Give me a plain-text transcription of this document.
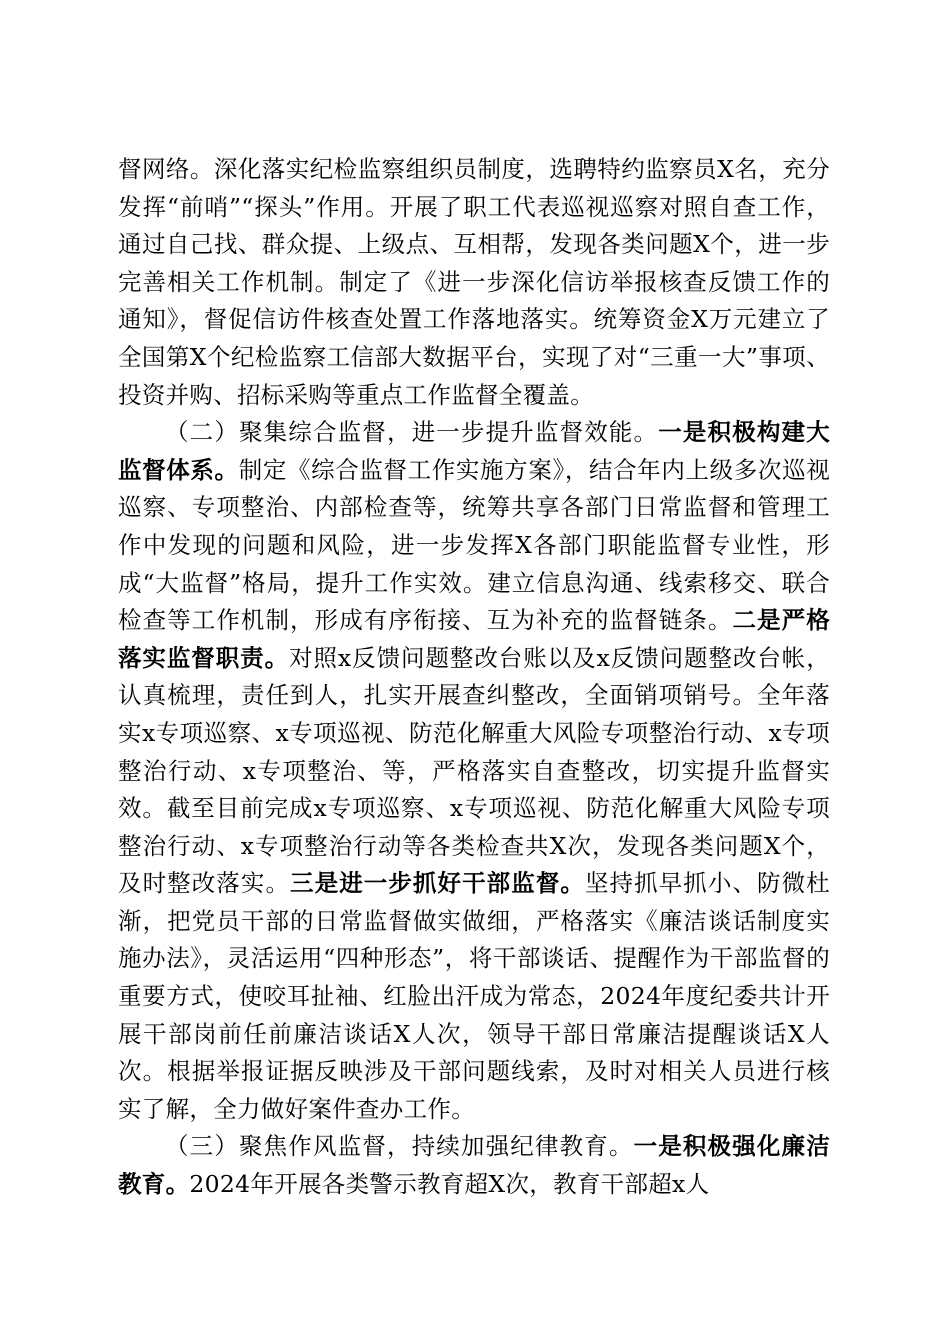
督网络。深化落实纪检监察组织员制度，选聘特约监察员X名，充分发挥“前哨”“探头”作用。开展了职工代表巡视巡察对照自查工作，通过自己找、群众提、上级点、互相帮，发现各类问题X个，进一步完善相关工作机制。制定了《进一步深化信访举报核查反馈工作的通知》，督促信访件核查处置工作落地落实。统筹资金X万元建立了全国第X个纪检监察工信部大数据平台，实现了对“三重一大”事项、投资并购、招标采购等重点工作监督全覆盖。

（二）聚集综合监督，进一步提升监督效能。一是积极构建大监督体系。制定《综合监督工作实施方案》，结合年内上级多次巡视巡察、专项整治、内部检查等，统筹共享各部门日常监督和管理工作中发现的问题和风险，进一步发挥X各部门职能监督专业性，形成“大监督”格局，提升工作实效。建立信息沟通、线索移交、联合检查等工作机制，形成有序衔接、互为补充的监督链条。二是严格落实监督职责。对照x反馈问题整改台账以及x反馈问题整改台帐，认真梳理，责任到人，扎实开展查纠整改，全面销项销号。全年落实x专项巡察、x专项巡视、防范化解重大风险专项整治行动、x专项整治行动、x专项整治、等，严格落实自查整改，切实提升监督实效。截至目前完成x专项巡察、x专项巡视、防范化解重大风险专项整治行动、x专项整治行动等各类检查共X次，发现各类问题X个，及时整改落实。三是进一步抓好干部监督。坚持抓早抓小、防微杜渐，把党员干部的日常监督做实做细，严格落实《廉洁谈话制度实施办法》，灵活运用“四种形态”，将干部谈话、提醒作为干部监督的重要方式，使咬耳扯袖、红脸出汗成为常态，2024年度纪委共计开展干部岗前任前廉洁谈话X人次，领导干部日常廉洁提醒谈话X人次。根据举报证据反映涉及干部问题线索，及时对相关人员进行核实了解，全力做好案件查办工作。

（三）聚焦作风监督，持续加强纪律教育。一是积极强化廉洁教育。2024年开展各类警示教育超X次，教育干部超x人
